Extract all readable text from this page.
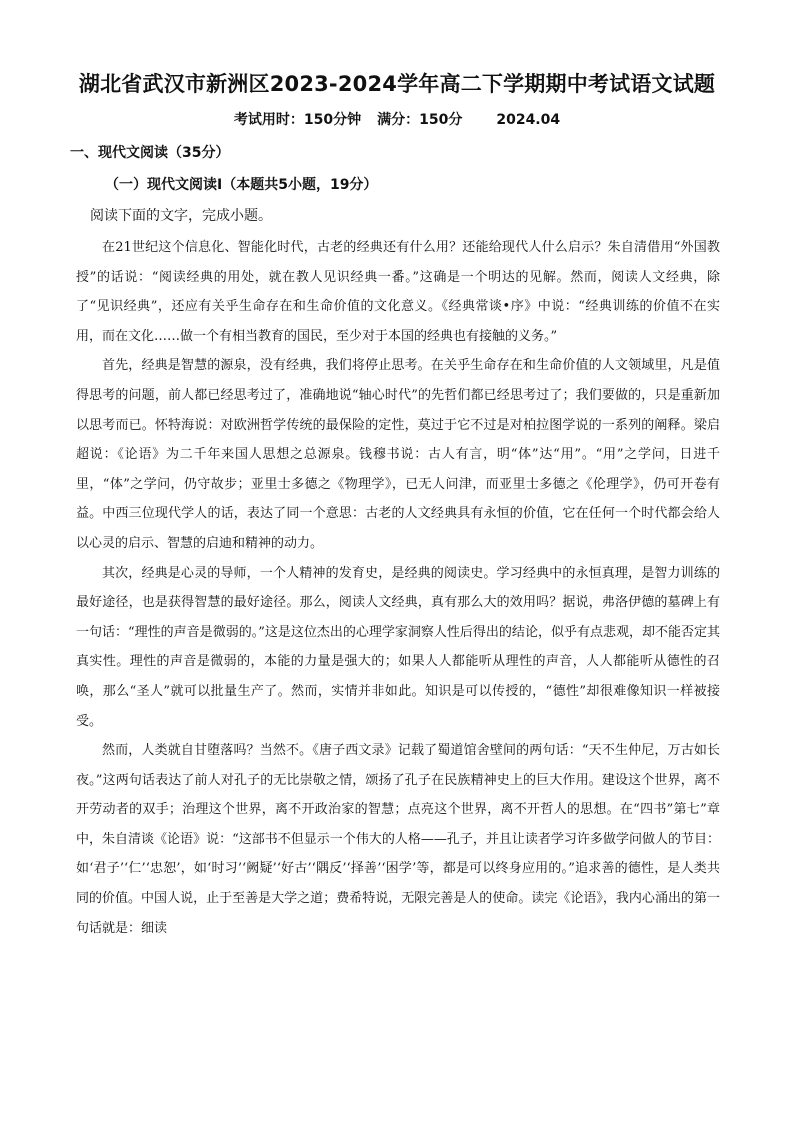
湖北省武汉市新洲区2023-2024学年高二下学期期中考试语文试题
考试用时：150分钟 满分：150分 2024.04
一、现代文阅读（35分）
（一）现代文阅读Ⅰ（本题共5小题，19分）
阅读下面的文字，完成小题。

在21世纪这个信息化、智能化时代，古老的经典还有什么用？还能给现代人什么启示？朱自清借用“外国教授”的话说：“阅读经典的用处，就在教人见识经典一番。”这确是一个明达的见解。然而，阅读人文经典，除了“见识经典”，还应有关乎生命存在和生命价值的文化意义。《经典常谈•序》中说：“经典训练的价值不在实用，而在文化……做一个有相当教育的国民，至少对于本国的经典也有接触的义务。”

首先，经典是智慧的源泉，没有经典，我们将停止思考。在关乎生命存在和生命价值的人文领域里，凡是值得思考的问题，前人都已经思考过了，准确地说“轴心时代”的先哲们都已经思考过了；我们要做的，只是重新加以思考而已。怀特海说：对欧洲哲学传统的最保险的定性，莫过于它不过是对柏拉图学说的一系列的阐释。梁启超说：《论语》为二千年来国人思想之总源泉。钱穆书说：古人有言，明“体”达“用”。“用”之学问，日进千里，“体”之学问，仍守故步；亚里士多德之《物理学》，已无人问津，而亚里士多德之《伦理学》，仍可开卷有益。中西三位现代学人的话，表达了同一个意思：古老的人文经典具有永恒的价值，它在任何一个时代都会给人以心灵的启示、智慧的启迪和精神的动力。

其次，经典是心灵的导师，一个人精神的发育史，是经典的阅读史。学习经典中的永恒真理，是智力训练的最好途径，也是获得智慧的最好途径。那么，阅读人文经典，真有那么大的效用吗？据说，弗洛伊德的墓碑上有一句话：“理性的声音是微弱的。”这是这位杰出的心理学家洞察人性后得出的结论，似乎有点悲观，却不能否定其真实性。理性的声音是微弱的，本能的力量是强大的；如果人人都能听从理性的声音，人人都能听从德性的召唤，那么“圣人”就可以批量生产了。然而，实情并非如此。知识是可以传授的，“德性”却很难像知识一样被接受。

然而，人类就自甘堕落吗？当然不。《唐子西文录》记载了蜀道馆舍壁间的两句话：“天不生仲尼，万古如长夜。”这两句话表达了前人对孔子的无比崇敬之情，颂扬了孔子在民族精神史上的巨大作用。建设这个世界，离不开劳动者的双手；治理这个世界，离不开政治家的智慧；点亮这个世界，离不开哲人的思想。在“四书”第七”章中，朱自清谈《论语》说：“这部书不但显示一个伟大的人格——孔子，并且让读者学习许多做学问做人的节目：如‘君子’‘仁’‘忠恕’，如‘时习’‘阙疑’‘好古’‘隅反’‘择善’‘困学’等，都是可以终身应用的。”追求善的德性，是人类共同的价值。中国人说，止于至善是大学之道；费希特说，无限完善是人的使命。读完《论语》，我内心涌出的第一句话就是：细读
